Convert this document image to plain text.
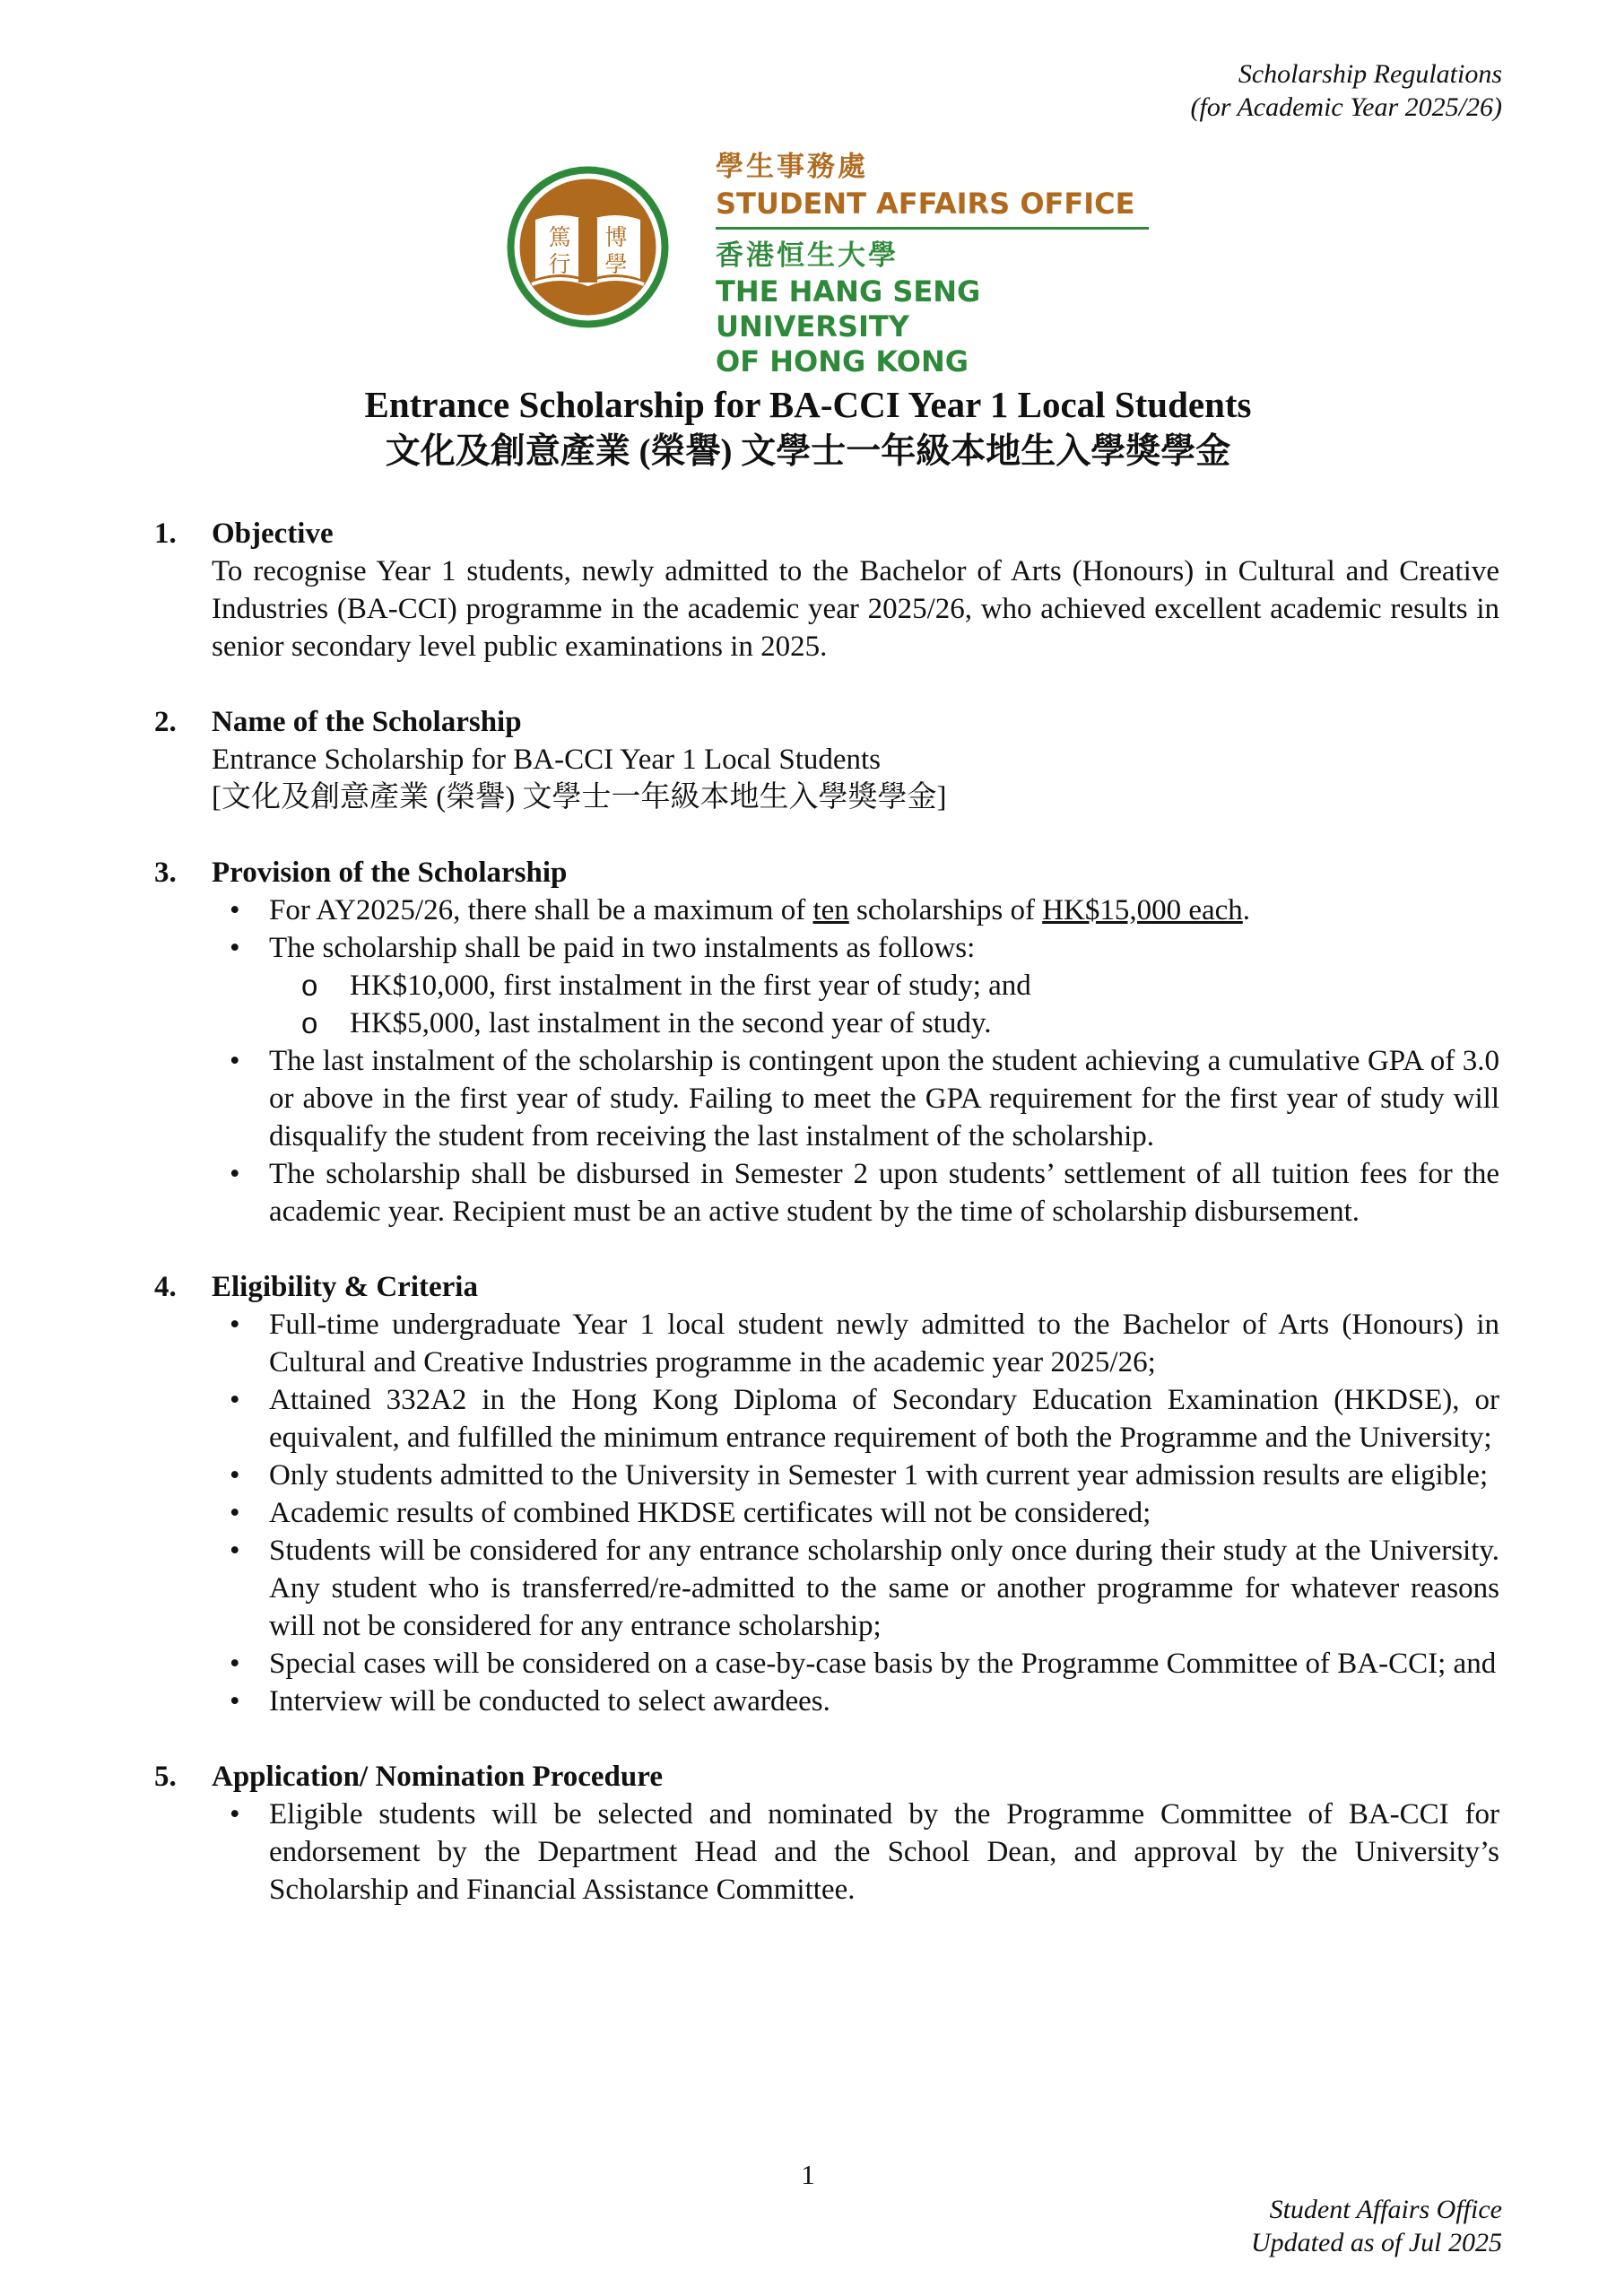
Scholarship Regulations
(for Academic Year 2025/26)
篤 博
行 學
學生事務處
STUDENT AFFAIRS OFFICE
香港恒生大學
THE HANG SENG UNIVERSITY
OF HONG KONG
Entrance Scholarship for BA-CCI Year 1 Local Students
文化及創意產業 (榮譽) 文學士一年級本地生入學獎學金
1. Objective
To recognise Year 1 students, newly admitted to the Bachelor of Arts (Honours) in Cultural and Creative Industries (BA-CCI) programme in the academic year 2025/26, who achieved excellent academic results in senior secondary level public examinations in 2025.
2. Name of the Scholarship
Entrance Scholarship for BA-CCI Year 1 Local Students
[文化及創意產業 (榮譽) 文學士一年級本地生入學獎學金]
3. Provision of the Scholarship
• For AY2025/26, there shall be a maximum of ten scholarships of HK$15,000 each.
• The scholarship shall be paid in two instalments as follows:
o HK$10,000, first instalment in the first year of study; and
o HK$5,000, last instalment in the second year of study.
• The last instalment of the scholarship is contingent upon the student achieving a cumulative GPA of 3.0 or above in the first year of study. Failing to meet the GPA requirement for the first year of study will disqualify the student from receiving the last instalment of the scholarship.
• The scholarship shall be disbursed in Semester 2 upon students’ settlement of all tuition fees for the academic year. Recipient must be an active student by the time of scholarship disbursement.
4. Eligibility & Criteria
• Full-time undergraduate Year 1 local student newly admitted to the Bachelor of Arts (Honours) in Cultural and Creative Industries programme in the academic year 2025/26;
• Attained 332A2 in the Hong Kong Diploma of Secondary Education Examination (HKDSE), or equivalent, and fulfilled the minimum entrance requirement of both the Programme and the University;
• Only students admitted to the University in Semester 1 with current year admission results are eligible;
• Academic results of combined HKDSE certificates will not be considered;
• Students will be considered for any entrance scholarship only once during their study at the University. Any student who is transferred/re-admitted to the same or another programme for whatever reasons will not be considered for any entrance scholarship;
• Special cases will be considered on a case-by-case basis by the Programme Committee of BA-CCI; and
• Interview will be conducted to select awardees.
5. Application/ Nomination Procedure
• Eligible students will be selected and nominated by the Programme Committee of BA-CCI for endorsement by the Department Head and the School Dean, and approval by the University’s Scholarship and Financial Assistance Committee.
1
Student Affairs Office
Updated as of Jul 2025
